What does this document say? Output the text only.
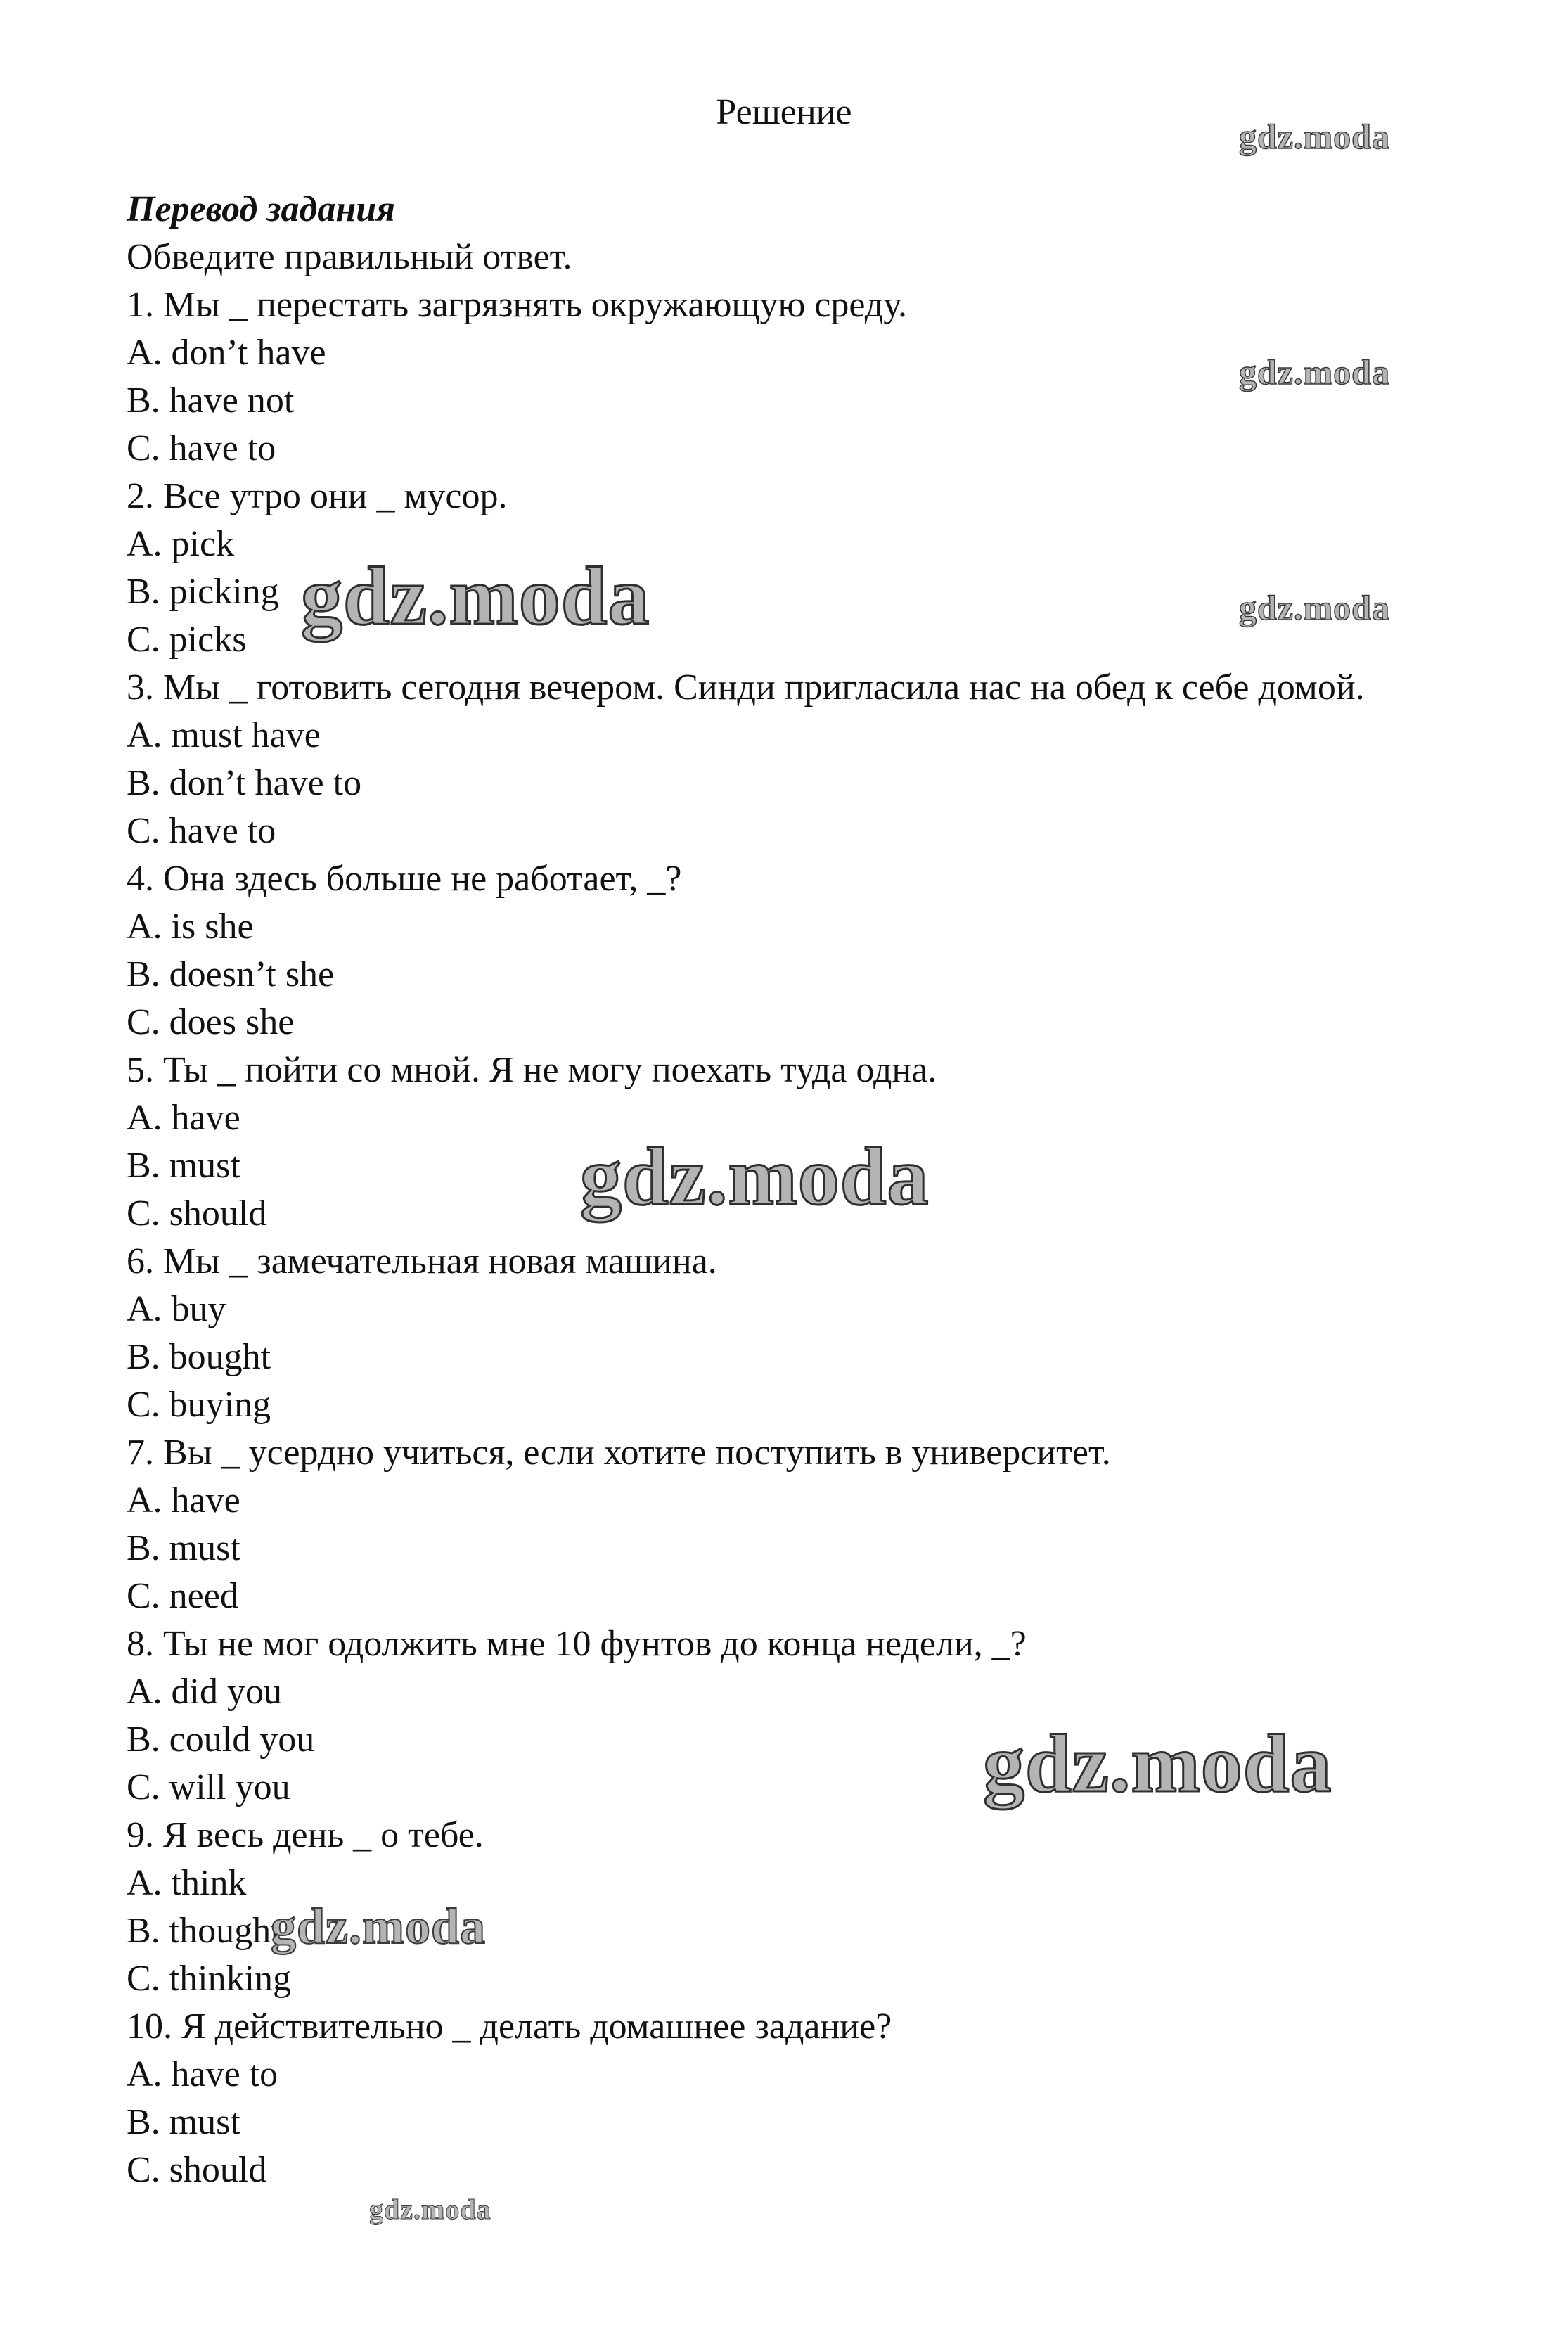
Решение
Перевод задания
Обведите правильный ответ.
1. Мы _ перестать загрязнять окружающую среду.
A. don’t have
B. have not
C. have to
2. Все утро они _ мусор.
A. pick
B. picking
C. picks
3. Мы _ готовить сегодня вечером. Синди пригласила нас на обед к себе домой.
A. must have
B. don’t have to
C. have to
4. Она здесь больше не работает, _?
A. is she
B. doesn’t she
C. does she
5. Ты _ пойти со мной. Я не могу поехать туда одна.
A. have
B. must
C. should
6. Мы _ замечательная новая машина.
A. buy
B. bought
C. buying
7. Вы _ усердно учиться, если хотите поступить в университет.
A. have
B. must
C. need
8. Ты не мог одолжить мне 10 фунтов до конца недели, _?
A. did you
B. could you
C. will you
9. Я весь день _ о тебе.
A. think
B. thought
C. thinking
10. Я действительно _ делать домашнее задание?
A. have to
B. must
C. should
gdz.moda
gdz.moda
gdz.moda
gdz.moda
gdz.moda
gdz.moda
gdz.moda
gdz.moda
